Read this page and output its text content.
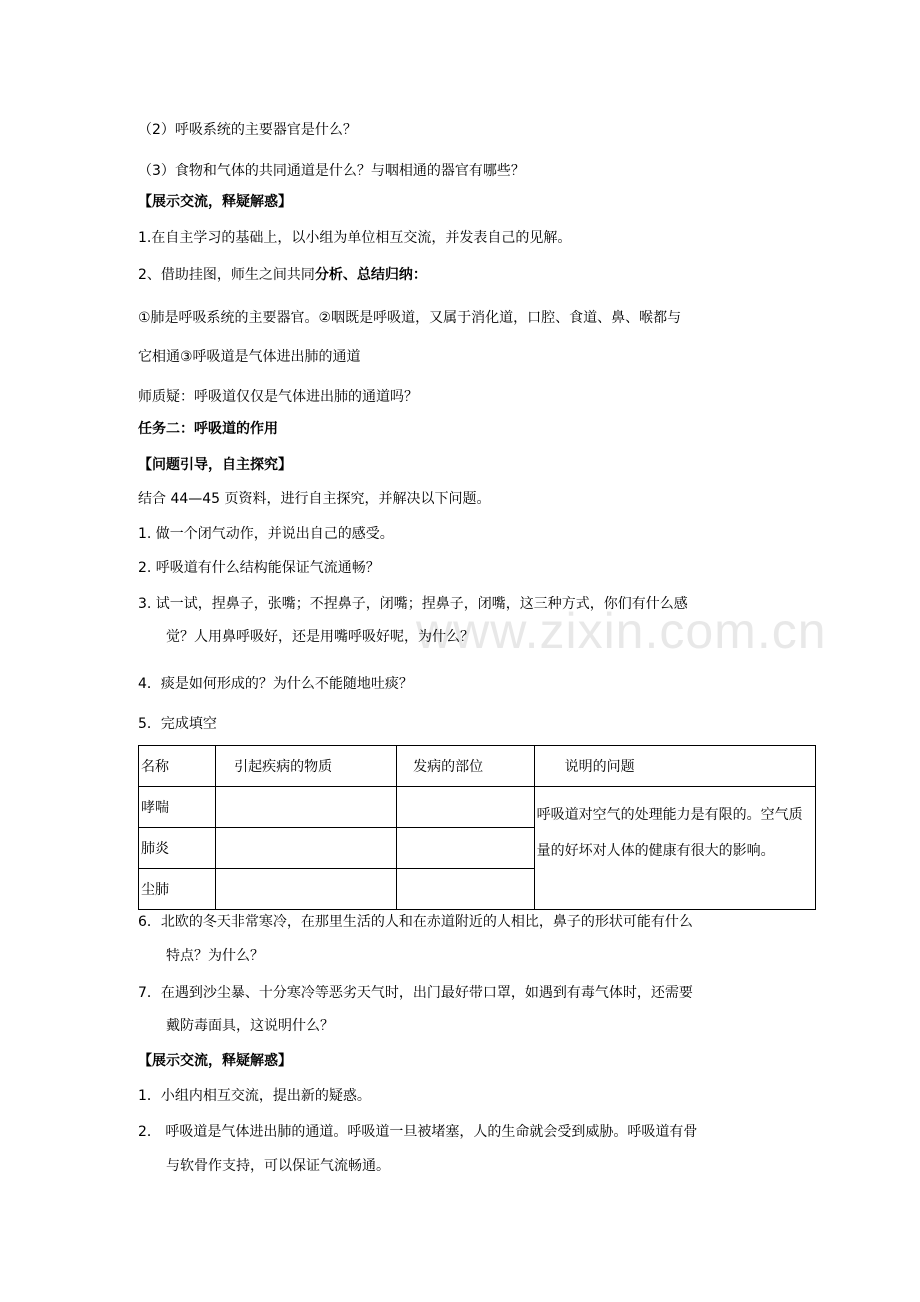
www.zixin.com.cn
（2）呼吸系统的主要器官是什么？
（3）食物和气体的共同通道是什么？与咽相通的器官有哪些？
【展示交流，释疑解惑】
1.在自主学习的基础上，以小组为单位相互交流，并发表自己的见解。
2、借助挂图，师生之间共同分析、总结归纳：
①肺是呼吸系统的主要器官。②咽既是呼吸道，又属于消化道，口腔、食道、鼻、喉都与
它相通③呼吸道是气体进出肺的通道
师质疑：呼吸道仅仅是气体进出肺的通道吗？
任务二：呼吸道的作用
【问题引导，自主探究】
结合 44—45 页资料，进行自主探究，并解决以下问题。
1. 做一个闭气动作，并说出自己的感受。
2. 呼吸道有什么结构能保证气流通畅？
3. 试一试，捏鼻子，张嘴；不捏鼻子，闭嘴；捏鼻子，闭嘴，这三种方式，你们有什么感
觉？人用鼻呼吸好，还是用嘴呼吸好呢，为什么？
4．痰是如何形成的？为什么不能随地吐痰？
5．完成填空
名称	引起疾病的物质	发病的部位	说明的问题
哮喘			呼吸道对空气的处理能力是有限的。空气质量的好坏对人体的健康有很大的影响。
肺炎			
尘肺			
6．北欧的冬天非常寒冷，在那里生活的人和在赤道附近的人相比，鼻子的形状可能有什么
特点？为什么？
7．在遇到沙尘暴、十分寒冷等恶劣天气时，出门最好带口罩，如遇到有毒气体时，还需要
戴防毒面具，这说明什么？
【展示交流，释疑解惑】
1．小组内相互交流，提出新的疑惑。
2． 呼吸道是气体进出肺的通道。呼吸道一旦被堵塞，人的生命就会受到威胁。呼吸道有骨
与软骨作支持，可以保证气流畅通。
